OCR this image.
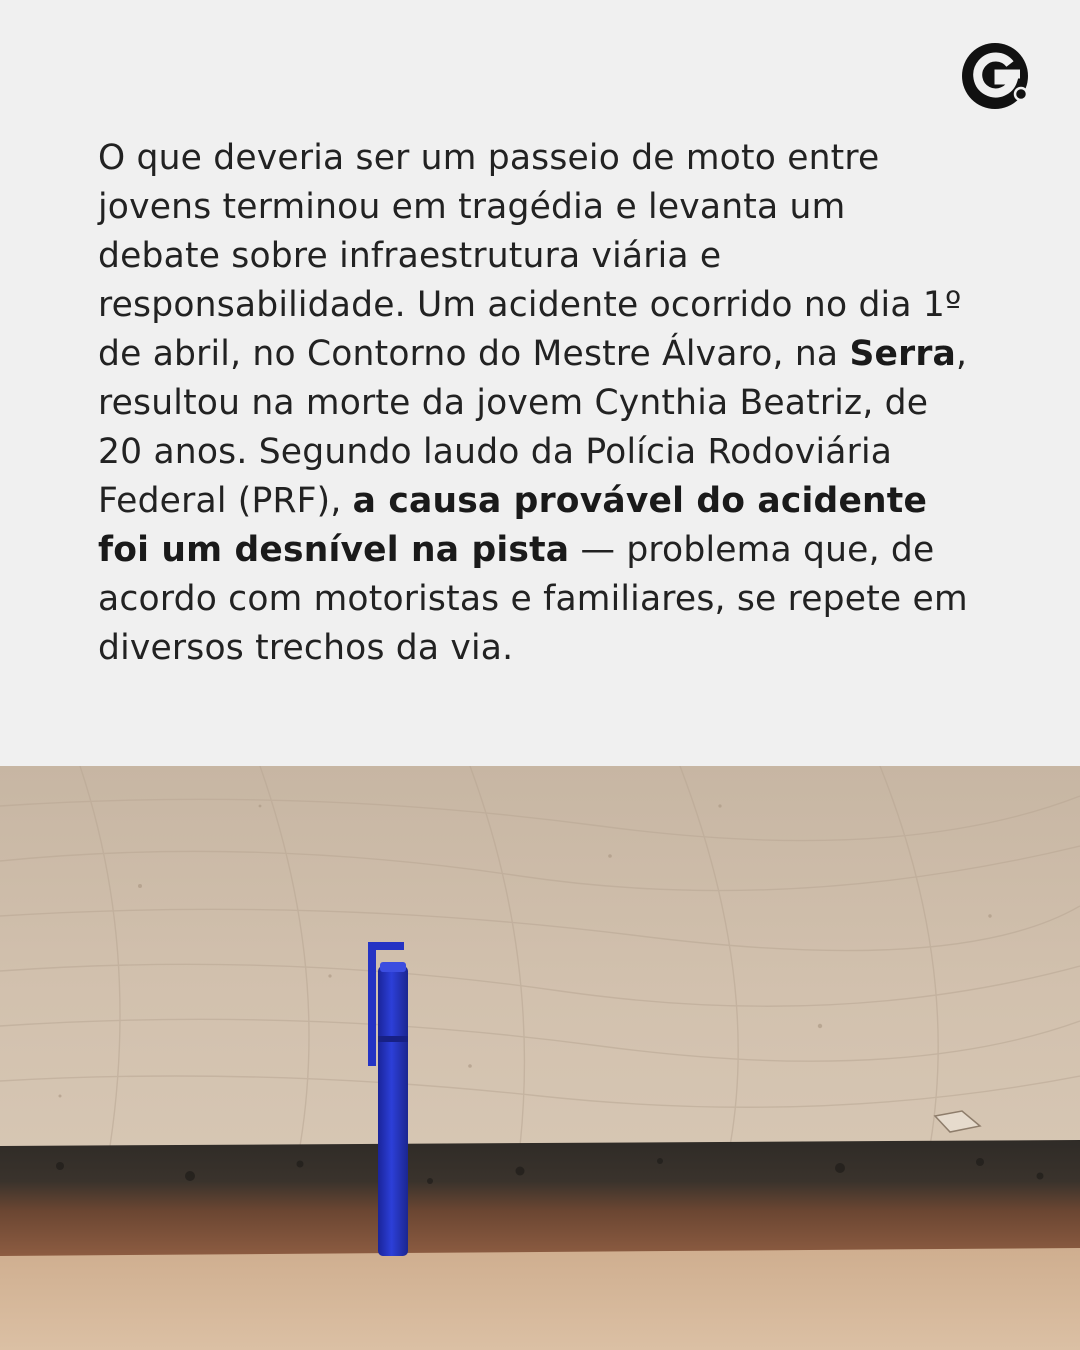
O que deveria ser um passeio de moto entre jovens terminou em tragédia e levanta um debate sobre infraestrutura viária e responsabilidade. Um acidente ocorrido no dia 1º de abril, no Contorno do Mestre Álvaro, na Serra, resultou na morte da jovem Cynthia Beatriz, de 20 anos. Segundo laudo da Polícia Rodoviária Federal (PRF), a causa provável do acidente foi um desnível na pista — problema que, de acordo com motoristas e familiares, se repete em diversos trechos da via.
